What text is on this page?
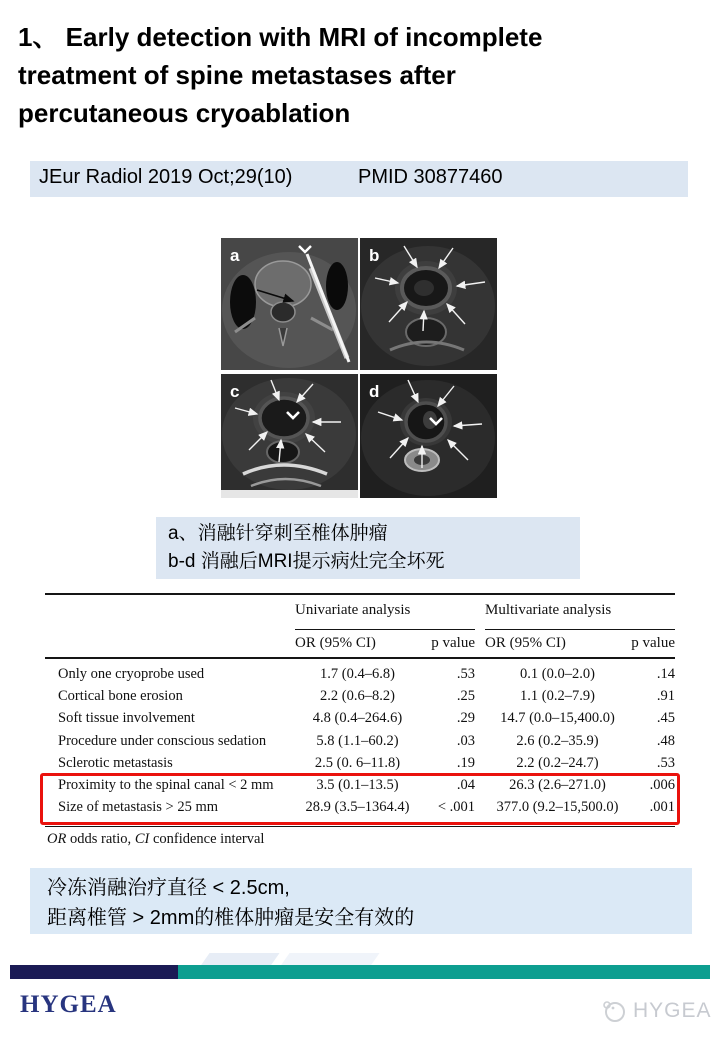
1、 Early detection with MRI of incomplete
treatment of spine metastases after
percutaneous cryoablation
JEur Radiol 2019 Oct;29(10)	PMID 30877460
a	b
c	d
a、消融针穿刺至椎体肿瘤
b-d 消融后MRI提示病灶完全坏死
Univariate analysis	Multivariate analysis
OR (95% CI)	p value OR (95% CI)	p value
Only one cryoprobe used	1.7 (0.4–6.8)	.53	0.1 (0.0–2.0)	.14
Cortical bone erosion	2.2 (0.6–8.2)	.25	1.1 (0.2–7.9)	.91
Soft tissue involvement	4.8 (0.4–264.6)	.29	14.7 (0.0–15,400.0)	.45
Procedure under conscious sedation	5.8 (1.1–60.2)	.03	2.6 (0.2–35.9)	.48
Sclerotic metastasis	2.5 (0. 6–11.8)	.19	2.2 (0.2–24.7)	.53
Proximity to the spinal canal < 2 mm	3.5 (0.1–13.5)	.04	26.3 (2.6–271.0)	.006
Size of metastasis > 25 mm	28.9 (3.5–1364.4)	< .001	377.0 (9.2–15,500.0)	.001
OR odds ratio, CI confidence interval
冷冻消融治疗直径 < 2.5cm,
距离椎管 > 2mm的椎体肿瘤是安全有效的
HYGEA	HYGEA
